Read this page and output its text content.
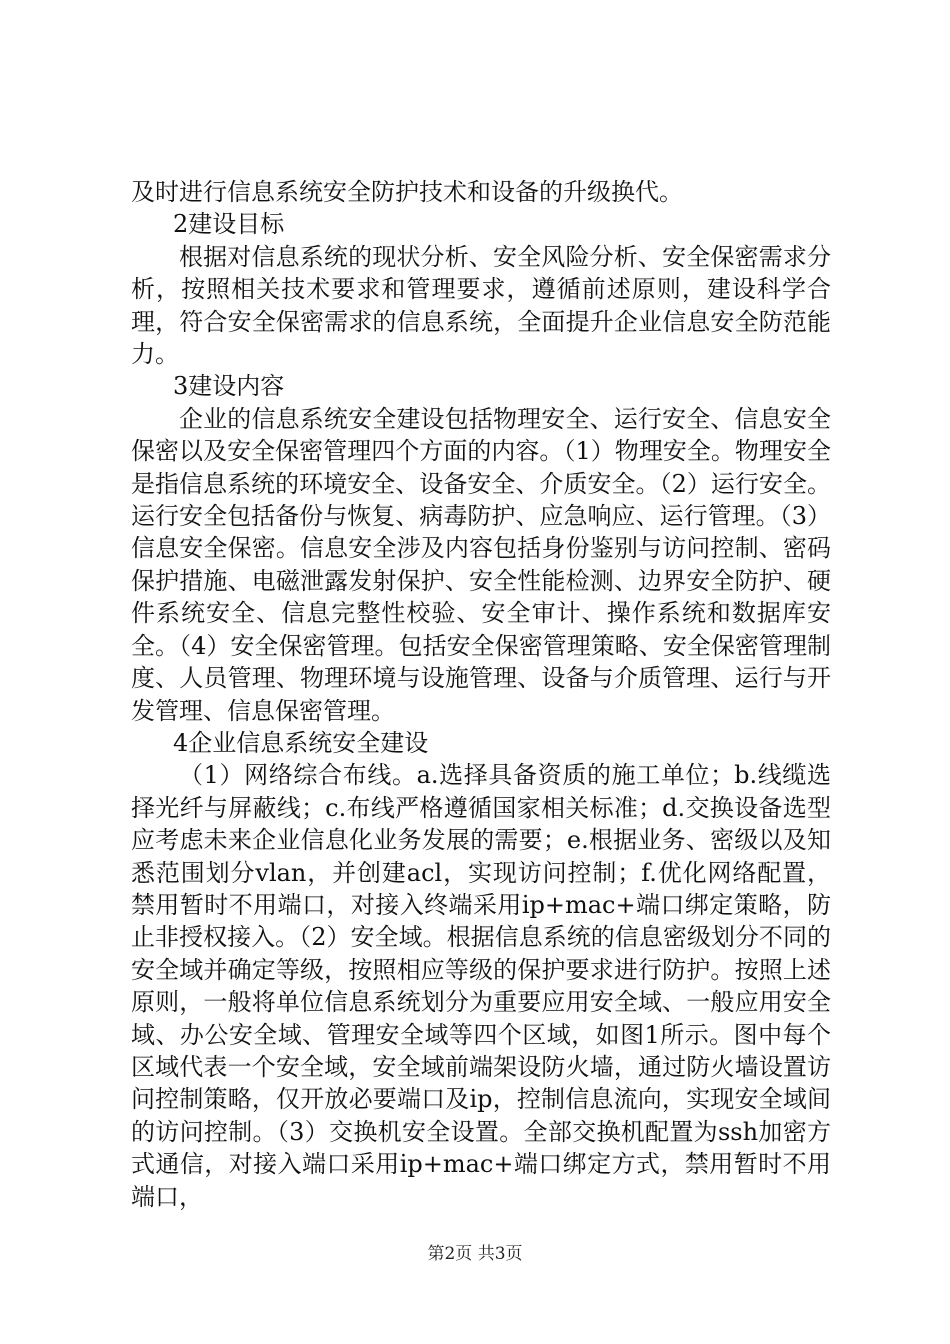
及时进行信息系统安全防护技术和设备的升级换代。

2建设目标

根据对信息系统的现状分析、安全风险分析、安全保密需求分析，按照相关技术要求和管理要求，遵循前述原则，建设科学合理，符合安全保密需求的信息系统，全面提升企业信息安全防范能力。

3建设内容

企业的信息系统安全建设包括物理安全、运行安全、信息安全保密以及安全保密管理四个方面的内容。（1）物理安全。物理安全是指信息系统的环境安全、设备安全、介质安全。（2）运行安全。运行安全包括备份与恢复、病毒防护、应急响应、运行管理。（3）信息安全保密。信息安全涉及内容包括身份鉴别与访问控制、密码保护措施、电磁泄露发射保护、安全性能检测、边界安全防护、硬件系统安全、信息完整性校验、安全审计、操作系统和数据库安全。（4）安全保密管理。包括安全保密管理策略、安全保密管理制度、人员管理、物理环境与设施管理、设备与介质管理、运行与开发管理、信息保密管理。

4企业信息系统安全建设

（1）网络综合布线。a.选择具备资质的施工单位；b.线缆选择光纤与屏蔽线；c.布线严格遵循国家相关标准；d.交换设备选型应考虑未来企业信息化业务发展的需要；e.根据业务、密级以及知悉范围划分vlan，并创建acl，实现访问控制；f.优化网络配置，禁用暂时不用端口，对接入终端采用ip+mac+端口绑定策略，防止非授权接入。（2）安全域。根据信息系统的信息密级划分不同的安全域并确定等级，按照相应等级的保护要求进行防护。按照上述原则，一般将单位信息系统划分为重要应用安全域、一般应用安全域、办公安全域、管理安全域等四个区域，如图1所示。图中每个区域代表一个安全域，安全域前端架设防火墙，通过防火墙设置访问控制策略，仅开放必要端口及ip，控制信息流向，实现安全域间的访问控制。（3）交换机安全设置。全部交换机配置为ssh加密方式通信，对接入端口采用ip+mac+端口绑定方式，禁用暂时不用端口，

第2页 共3页
